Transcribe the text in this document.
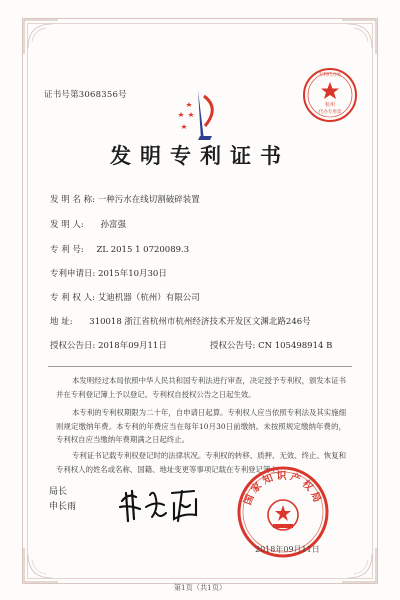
证书号第3068356号
杭州
代办专用章
专利代办处
发明专利证书
发 明 名 称: 一种污水在线切割破碎装置
发 明 人: 孙富强
专 利 号: ZL 2015 1 0720089.3
专利申请日: 2015年10月30日
专 利 权 人: 艾迪机器（杭州）有限公司
地 址: 310018 浙江省杭州市杭州经济技术开发区文渊北路246号
授权公告日: 2018年09月11日	授权公告号: CN 105498914 B
本发明经过本局依照中华人民共和国专利法进行审查，决定授予专利权，颁发本证书并在专利登记簿上予以登记。专利权自授权公告之日起生效。
本专利的专利权期限为二十年，自申请日起算。专利权人应当依照专利法及其实施细则规定缴纳年费。本专利的年费应当在每年10月30日前缴纳。未按照规定缴纳年费的，专利权自应当缴纳年费期满之日起终止。
专利证书记载专利权登记时的法律状况。专利权的转移、质押、无效、终止、恢复和专利权人的姓名或名称、国籍、地址变更等事项记载在专利登记簿上。
局长
申长雨
国家知识产权局
2018年09月11日
第1页（共1页）
